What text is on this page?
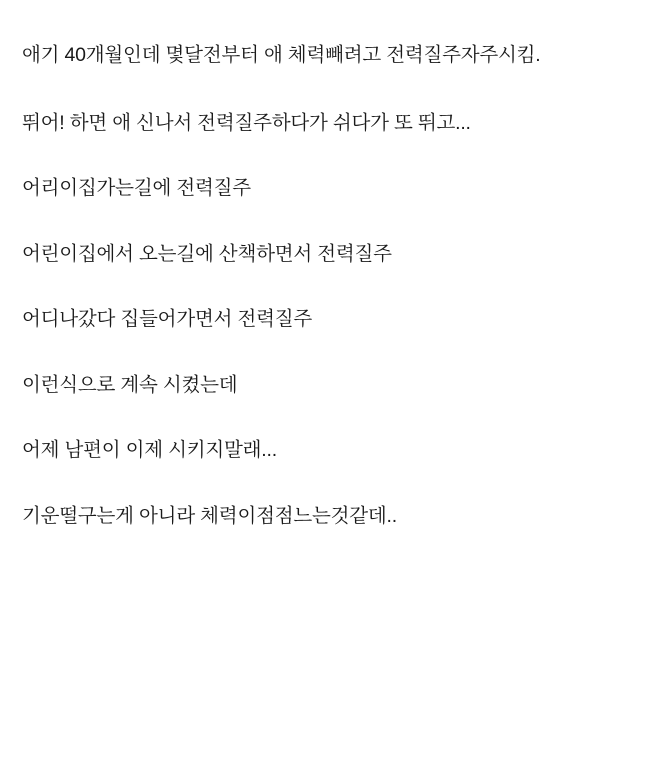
애기 40개월인데 몇달전부터 애 체력빼려고 전력질주자주시킴.

뛰어! 하면 애 신나서 전력질주하다가 쉬다가 또 뛰고...

어리이집가는길에 전력질주

어린이집에서 오는길에 산책하면서 전력질주

어디나갔다 집들어가면서 전력질주

이런식으로 계속 시켰는데

어제 남편이 이제 시키지말래...

기운떨구는게 아니라 체력이점점느는것같데..
